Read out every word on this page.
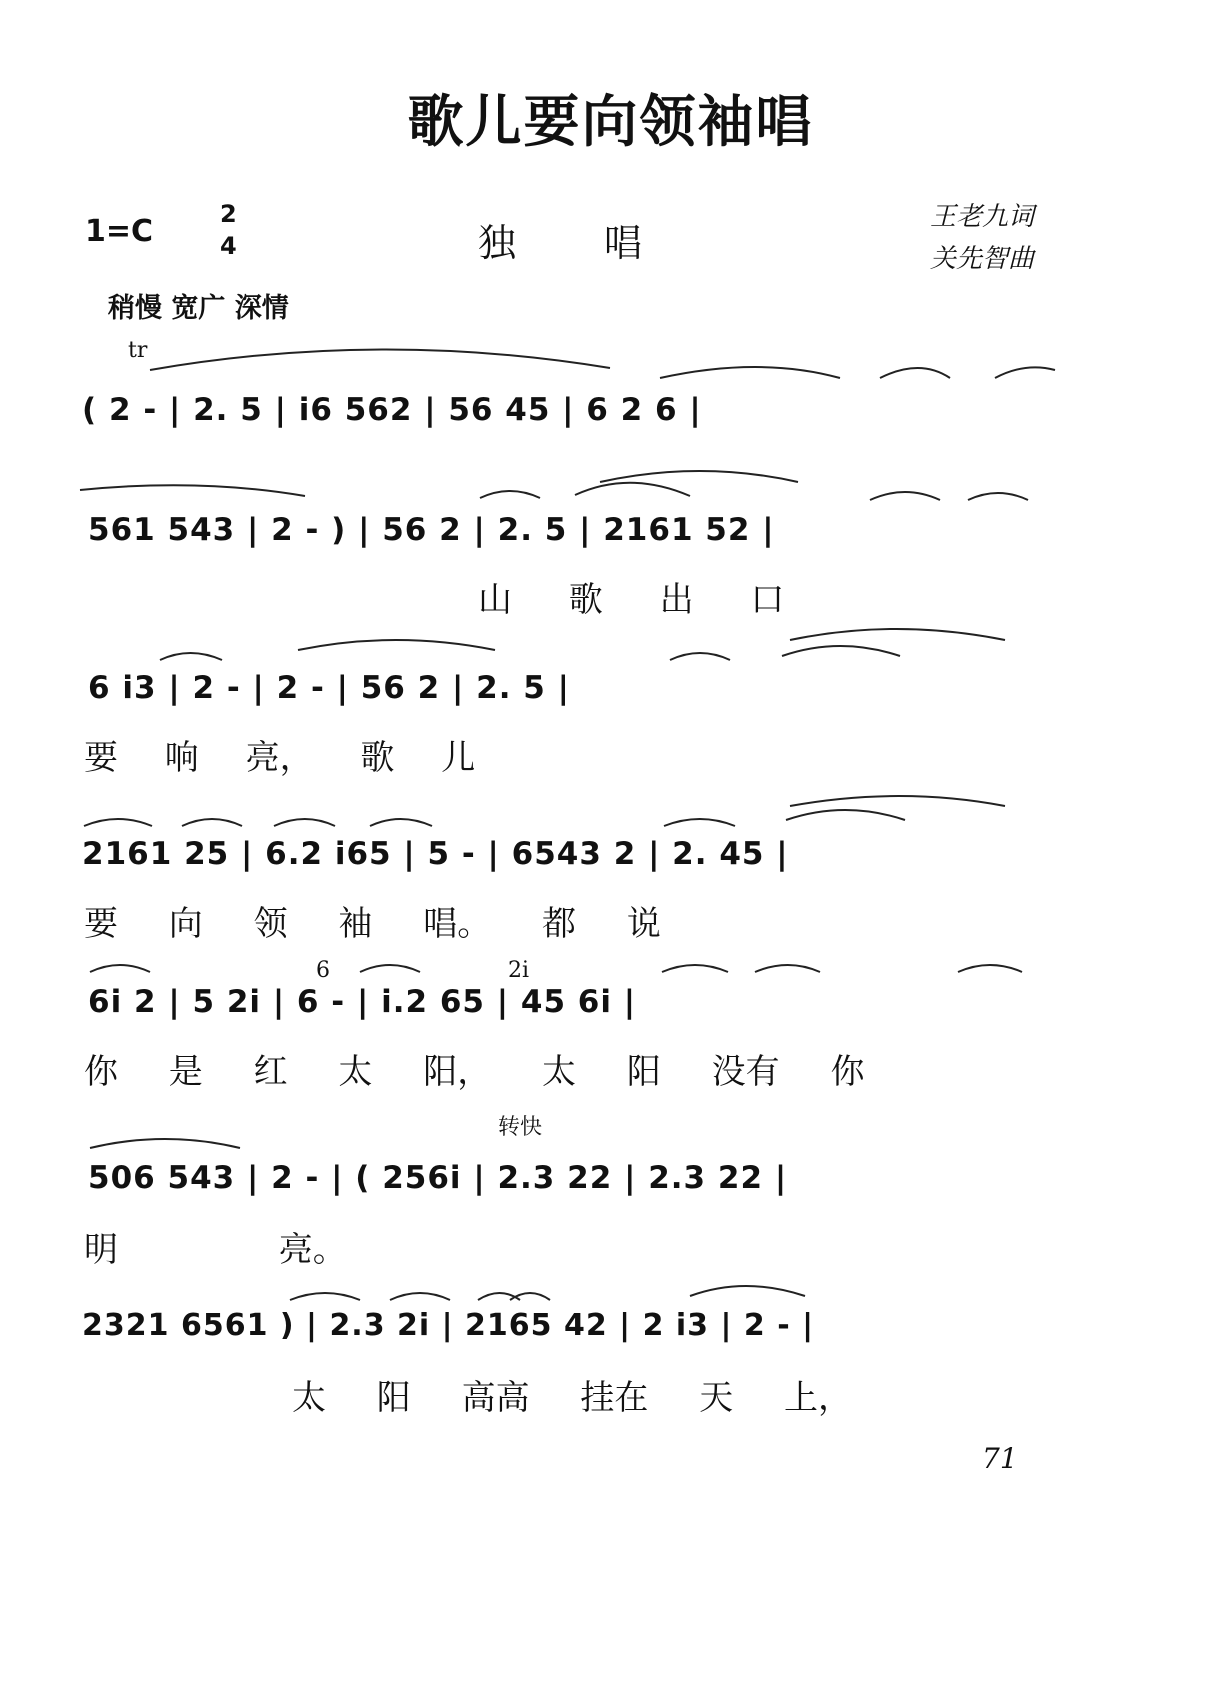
歌儿要向领袖唱
1=C	2
4	独唱
王老九词
关先智曲
稍慢 宽广 深情
tr
( 2 - | 2. 5 | i6 562 | 56 45 | 6 2 6 |
561 543 | 2 - ) | 56 2 | 2. 5 | 2161 52 |
山 歌 出 口
6 i3 | 2 - | 2 - | 56 2 | 2. 5 |
要 响 亮， 歌 儿
2161 25 | 6.2 i65 | 5 - | 6543 2 | 2. 45 |
要 向 领 袖 唱。 都 说
6	2i
6i 2 | 5 2i | 6 - | i.2 65 | 45 6i |
你 是 红 太 阳， 太 阳 没有 你
转快
506 543 | 2 - | ( 256i | 2.3 22 | 2.3 22 |
明 亮。
2321 6561 ) | 2.3 2i | 2165 42 | 2 i3 | 2 - |
太 阳 高高 挂在 天 上，
71
